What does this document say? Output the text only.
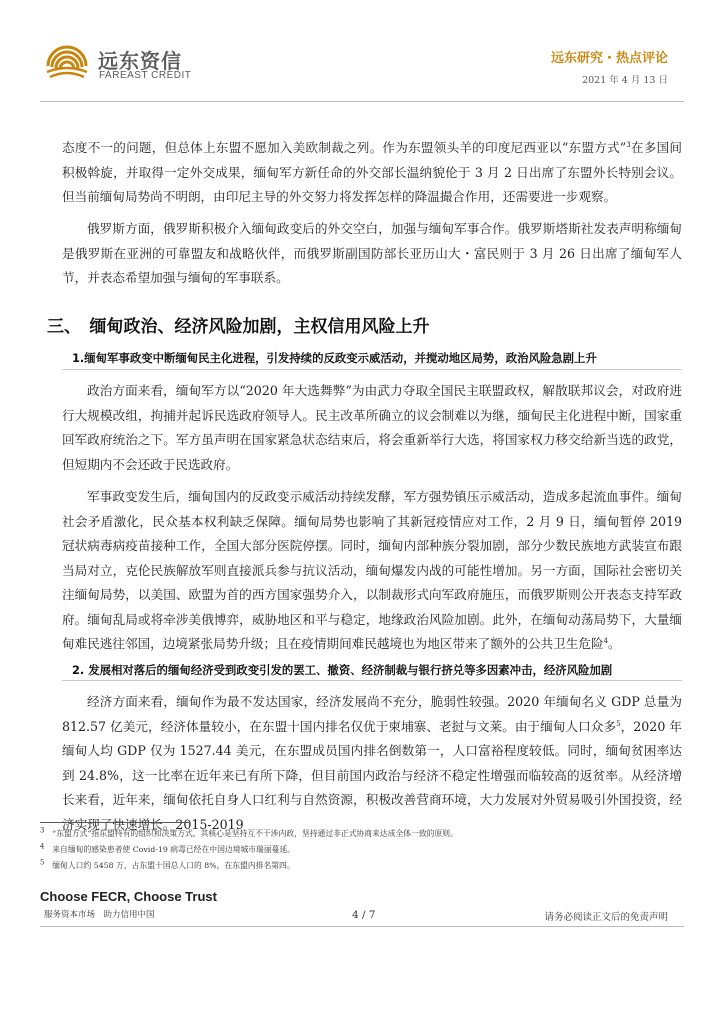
远东资信
FAREAST CREDIT
远东研究・热点评论
2021 年 4 月 13 日

态度不一的问题，但总体上东盟不愿加入美欧制裁之列。作为东盟领头羊的印度尼西亚以“东盟方式”$^3$在多国间积极斡旋，并取得一定外交成果，缅甸军方新任命的外交部长温纳貌伦于 3 月 2 日出席了东盟外长特别会议。但当前缅甸局势尚不明朗，由印尼主导的外交努力将发挥怎样的降温撮合作用，还需要进一步观察。

俄罗斯方面，俄罗斯积极介入缅甸政变后的外交空白，加强与缅甸军事合作。俄罗斯塔斯社发表声明称缅甸是俄罗斯在亚洲的可靠盟友和战略伙伴，而俄罗斯副国防部长亚历山大・富民则于 3 月 26 日出席了缅甸军人节，并表态希望加强与缅甸的军事联系。

三、　缅甸政治、经济风险加剧，主权信用风险上升
1.缅甸军事政变中断缅甸民主化进程，引发持续的反政变示威活动，并搅动地区局势，政治风险急剧上升

政治方面来看，缅甸军方以“2020 年大选舞弊”为由武力夺取全国民主联盟政权，解散联邦议会，对政府进行大规模改组，拘捕并起诉民选政府领导人。民主改革所确立的议会制难以为继，缅甸民主化进程中断，国家重回军政府统治之下。军方虽声明在国家紧急状态结束后，将会重新举行大选，将国家权力移交给新当选的政党，但短期内不会还政于民选政府。

军事政变发生后，缅甸国内的反政变示威活动持续发酵，军方强势镇压示威活动，造成多起流血事件。缅甸社会矛盾激化，民众基本权利缺乏保障。缅甸局势也影响了其新冠疫情应对工作，2 月 9 日，缅甸暂停 2019 冠状病毒病疫苗接种工作，全国大部分医院停摆。同时，缅甸内部种族分裂加剧，部分少数民族地方武装宣布跟当局对立，克伦民族解放军则直接派兵参与抗议活动，缅甸爆发内战的可能性增加。另一方面，国际社会密切关注缅甸局势，以美国、欧盟为首的西方国家强势介入，以制裁形式向军政府施压，而俄罗斯则公开表态支持军政府。缅甸乱局或将牵涉美俄博弈，威胁地区和平与稳定，地缘政治风险加剧。此外，在缅甸动荡局势下，大量缅甸难民逃往邻国，边境紧张局势升级；且在疫情期间难民越境也为地区带来了额外的公共卫生危险$^4$。

2. 发展相对落后的缅甸经济受到政变引发的罢工、撤资、经济制裁与银行挤兑等多因素冲击，经济风险加剧

经济方面来看，缅甸作为最不发达国家，经济发展尚不充分，脆弱性较强。2020 年缅甸名义 GDP 总量为 812.57 亿美元，经济体量较小，在东盟十国内排名仅优于柬埔寨、老挝与文莱。由于缅甸人口众多$^5$，2020 年缅甸人均 GDP 仅为 1527.44 美元，在东盟成员国内排名倒数第一，人口富裕程度较低。同时，缅甸贫困率达到 24.8%，这一比率在近年来已有所下降，但目前国内政治与经济不稳定性增强而临较高的返贫率。从经济增长来看，近年来，缅甸依托自身人口红利与自然资源，积极改善营商环境，大力发展对外贸易吸引外国投资，经济实现了快速增长。2015-2019

$^3$　 “东盟方式”指东盟特有的组织和决策方式，其核心是坚持互不干涉内政，坚持通过非正式协商来达成全体一致的原则。
$^4$　 来自缅甸的感染患者使 Covid-19 病毒已经在中国边境城市瑞丽蔓延。
$^5$　 缅甸人口约 5458 万，占东盟十国总人口的 8%，在东盟内排名第四。
Choose FECR, Choose Trust
服务资本市场　助力信用中国	4 / 7	请务必阅读正文后的免责声明
